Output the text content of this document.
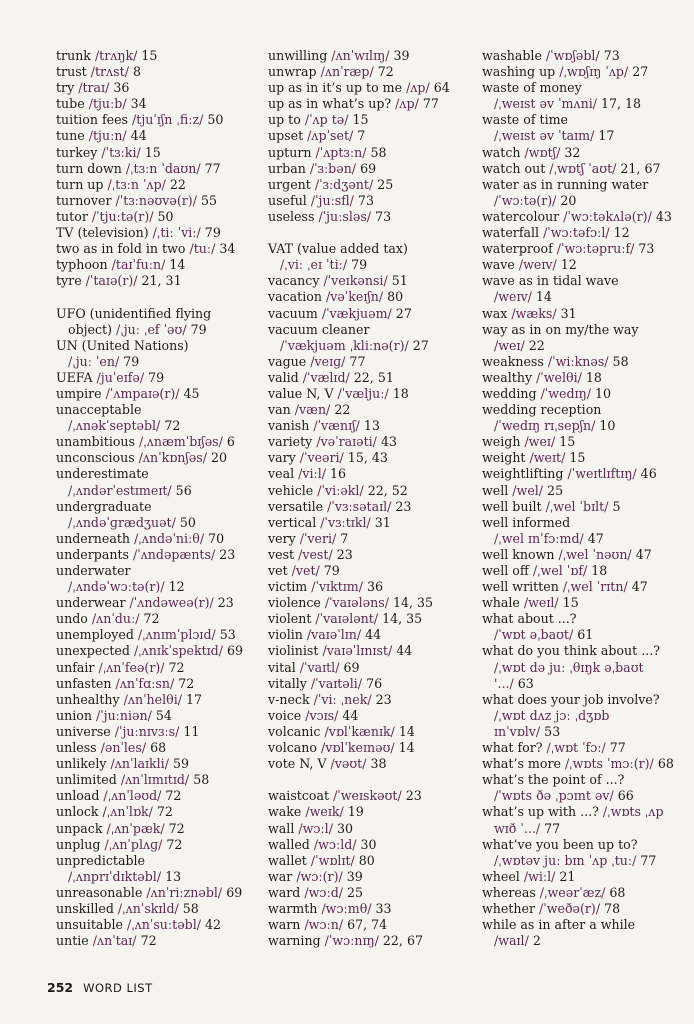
trunk /trʌŋk/ 15
trust /trʌst/ 8
try /traɪ/ 36
tube /tjuːb/ 34
tuition fees /tjuˈɪʃn ˌfiːz/ 50
tune /tjuːn/ 44
turkey /ˈtɜːki/ 15
turn down /ˌtɜːn ˈdaʊn/ 77
turn up /ˌtɜːn ˈʌp/ 22
turnover /ˈtɜːnəʊvə(r)/ 55
tutor /ˈtjuːtə(r)/ 50
TV (television) /ˌtiː ˈviː/ 79
two as in fold in two /tuː/ 34
typhoon /taɪˈfuːn/ 14
tyre /ˈtaɪə(r)/ 21, 31
UFO (unidentified flying
object) /ˌjuː ˌef ˈəʊ/ 79
UN (United Nations)
/ˌjuː ˈen/ 79
UEFA /juˈeɪfə/ 79
umpire /ˈʌmpaɪə(r)/ 45
unacceptable
/ˌʌnəkˈseptəbl/ 72
unambitious /ˌʌnæmˈbɪʃəs/ 6
unconscious /ʌnˈkɒnʃəs/ 20
underestimate
/ˌʌndərˈestɪmeɪt/ 56
undergraduate
/ˌʌndəˈɡrædʒuət/ 50
underneath /ˌʌndəˈniːθ/ 70
underpants /ˈʌndəpænts/ 23
underwater
/ˌʌndəˈwɔːtə(r)/ 12
underwear /ˈʌndəweə(r)/ 23
undo /ʌnˈduː/ 72
unemployed /ˌʌnɪmˈplɔɪd/ 53
unexpected /ˌʌnɪkˈspektɪd/ 69
unfair /ˌʌnˈfeə(r)/ 72
unfasten /ʌnˈfɑːsn/ 72
unhealthy /ʌnˈhelθi/ 17
union /ˈjuːniən/ 54
universe /ˈjuːnɪvɜːs/ 11
unless /ənˈles/ 68
unlikely /ʌnˈlaɪkli/ 59
unlimited /ʌnˈlɪmɪtɪd/ 58
unload /ˌʌnˈləʊd/ 72
unlock /ˌʌnˈlɒk/ 72
unpack /ˌʌnˈpæk/ 72
unplug /ˌʌnˈplʌɡ/ 72
unpredictable
/ˌʌnprɪˈdɪktəbl/ 13
unreasonable /ʌnˈriːznəbl/ 69
unskilled /ˌʌnˈskɪld/ 58
unsuitable /ˌʌnˈsuːtəbl/ 42
untie /ʌnˈtaɪ/ 72
unwilling /ʌnˈwɪlɪŋ/ 39
unwrap /ʌnˈræp/ 72
up as in it’s up to me /ʌp/ 64
up as in what’s up? /ʌp/ 77
up to /ˈʌp tə/ 15
upset /ʌpˈset/ 7
upturn /ˈʌptɜːn/ 58
urban /ˈɜːbən/ 69
urgent /ˈɜːdʒənt/ 25
useful /ˈjuːsfl/ 73
useless /ˈjuːsləs/ 73
VAT (value added tax)
/ˌviː ˌeɪ ˈtiː/ 79
vacancy /ˈveɪkənsi/ 51
vacation /vəˈkeɪʃn/ 80
vacuum /ˈvækjuəm/ 27
vacuum cleaner
/ˈvækjuəm ˌkliːnə(r)/ 27
vague /veɪɡ/ 77
valid /ˈvælɪd/ 22, 51
value N, V /ˈvæljuː/ 18
van /væn/ 22
vanish /ˈvænɪʃ/ 13
variety /vəˈraɪəti/ 43
vary /ˈveəri/ 15, 43
veal /viːl/ 16
vehicle /ˈviːəkl/ 22, 52
versatile /ˈvɜːsətaɪl/ 23
vertical /ˈvɜːtɪkl/ 31
very /ˈveri/ 7
vest /vest/ 23
vet /vet/ 79
victim /ˈvɪktɪm/ 36
violence /ˈvaɪələns/ 14, 35
violent /ˈvaɪələnt/ 14, 35
violin /vaɪəˈlɪn/ 44
violinist /vaɪəˈlɪnɪst/ 44
vital /ˈvaɪtl/ 69
vitally /ˈvaɪtəli/ 76
v-neck /ˈviː ˌnek/ 23
voice /vɔɪs/ 44
volcanic /vɒlˈkænɪk/ 14
volcano /vɒlˈkeɪnəʊ/ 14
vote N, V /vəʊt/ 38
waistcoat /ˈweɪskəʊt/ 23
wake /weɪk/ 19
wall /wɔːl/ 30
walled /wɔːld/ 30
wallet /ˈwɒlɪt/ 80
war /wɔː(r)/ 39
ward /wɔːd/ 25
warmth /wɔːmθ/ 33
warn /wɔːn/ 67, 74
warning /ˈwɔːnɪŋ/ 22, 67
washable /ˈwɒʃəbl/ 73
washing up /ˌwɒʃɪŋ ˈʌp/ 27
waste of money
/ˌweɪst əv ˈmʌni/ 17, 18
waste of time
/ˌweɪst əv ˈtaɪm/ 17
watch /wɒtʃ/ 32
watch out /ˌwɒtʃ ˈaʊt/ 21, 67
water as in running water
/ˈwɔːtə(r)/ 20
watercolour /ˈwɔːtəkʌlə(r)/ 43
waterfall /ˈwɔːtəfɔːl/ 12
waterproof /ˈwɔːtəpruːf/ 73
wave /weɪv/ 12
wave as in tidal wave
/weɪv/ 14
wax /wæks/ 31
way as in on my/the way
/weɪ/ 22
weakness /ˈwiːknəs/ 58
wealthy /ˈwelθi/ 18
wedding /ˈwedɪŋ/ 10
wedding reception
/ˈwedɪŋ rɪˌsepʃn/ 10
weigh /weɪ/ 15
weight /weɪt/ 15
weightlifting /ˈweɪtlɪftɪŋ/ 46
well /wel/ 25
well built /ˌwel ˈbɪlt/ 5
well informed
/ˌwel ɪnˈfɔːmd/ 47
well known /ˌwel ˈnəʊn/ 47
well off /ˌwel ˈɒf/ 18
well written /ˌwel ˈrɪtn/ 47
whale /weɪl/ 15
what about ...?
/ˈwɒt əˌbaʊt/ 61
what do you think about ...?
/ˌwɒt də juː ˌθɪŋk əˌbaʊt
'.../ 63
what does your job involve?
/ˌwɒt dʌz jɔː ˌdʒɒb
ɪnˈvɒlv/ 53
what for? /ˌwɒt ˈfɔː/ 77
what’s more /ˌwɒts ˈmɔː(r)/ 68
what’s the point of ...?
/ˈwɒts ðə ˌpɔɪnt əv/ 66
what’s up with ...? /ˌwɒts ˌʌp
wɪð ˈ.../ 77
what’ve you been up to?
/ˌwɒtəv juː bɪn ˈʌp ˌtuː/ 77
wheel /wiːl/ 21
whereas /ˌweərˈæz/ 68
whether /ˈweðə(r)/ 78
while as in after a while
/waɪl/ 2
252 WORD LIST
